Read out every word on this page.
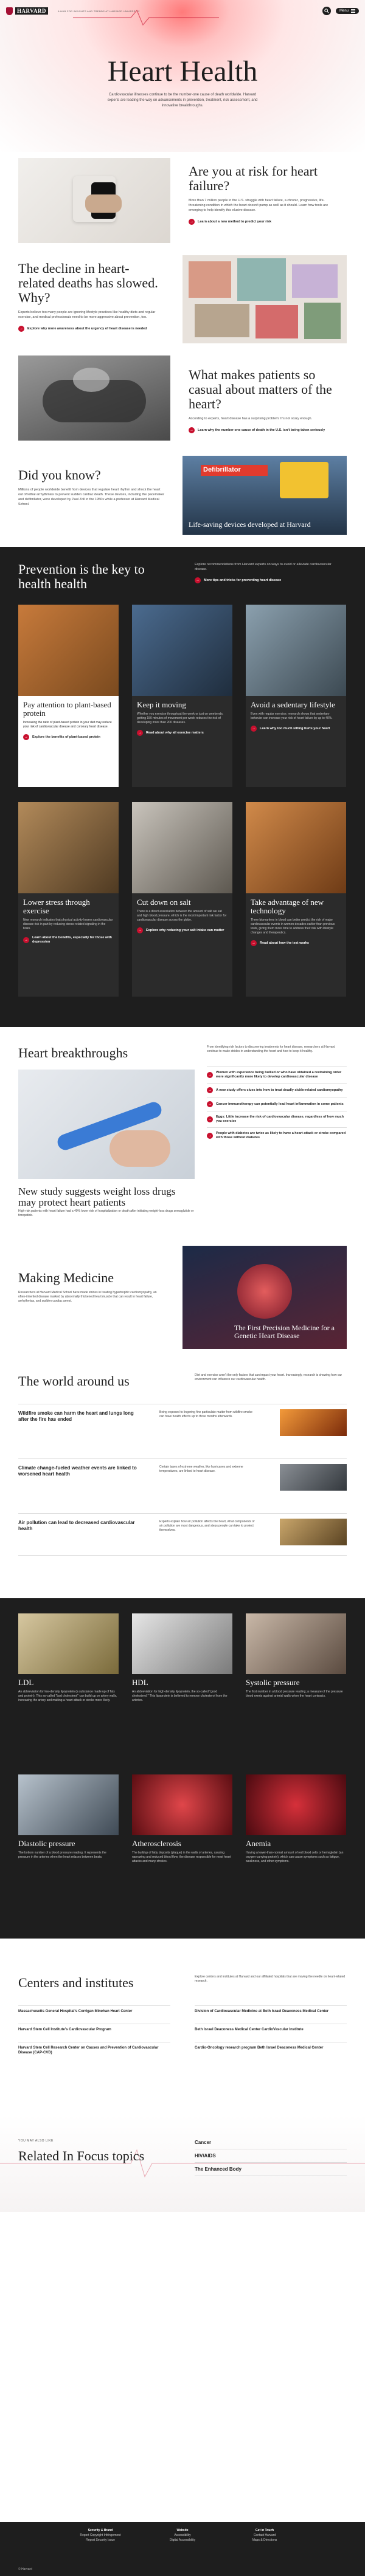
HARVARD	A HUB FOR INSIGHTS AND TRENDS AT HARVARD UNIVERSITY	Menu
Heart Health

Cardiovascular illnesses continue to be the number-one cause of death worldwide. Harvard experts are leading the way on advancements in prevention, treatment, risk assessment, and innovative breakthroughs.

Are you at risk for heart failure?

More than 7 million people in the U.S. struggle with heart failure, a chronic, progressive, life-threatening condition in which the heart doesn't pump as well as it should. Learn how tools are emerging to help identify this elusive disease.

→	Learn about a new method to predict your risk
The decline in heart-related deaths has slowed. Why?

Experts believe too many people are ignoring lifestyle practices like healthy diets and regular exercise, and medical professionals need to be more aggressive about prevention, too.

→	Explore why more awareness about the urgency of heart disease is needed
What makes patients so casual about matters of the heart?

According to experts, heart disease has a surprising problem: It's not scary enough.

→	Learn why the number-one cause of death in the U.S. isn't being taken seriously
Did you know?

Millions of people worldwide benefit from devices that regulate heart rhythm and shock the heart out of lethal arrhythmias to prevent sudden cardiac death. These devices, including the pacemaker and defibrillator, were developed by Paul Zoll in the 1950s while a professor at Harvard Medical School.

Defibrillator
Life-saving devices developed at Harvard
Prevention is the key to health health

Explore recommendations from Harvard experts on ways to avoid or alleviate cardiovascular disease.

→	More tips and tricks for preventing heart disease
Pay attention to plant-based protein

Increasing the ratio of plant-based protein in your diet may reduce your risk of cardiovascular disease and coronary heart disease.

→	Explore the benefits of plant-based protein
Keep it moving

Whether you exercise throughout the week or just on weekends, getting 150 minutes of movement per week reduces the risk of developing more than 200 diseases.

→	Read about why all exercise matters
Avoid a sedentary lifestyle

Even with regular exercise, research shows that sedentary behavior can increase your risk of heart failure by up to 40%.

→	Learn why too much sitting hurts your heart
Lower stress through exercise

New research indicates that physical activity lowers cardiovascular disease risk in part by reducing stress-related signaling in the brain.

→
Learn about the benefits, especially for those with depression
Cut down on salt

There is a direct association between the amount of salt we eat and high blood pressure, which is the most important risk factor for cardiovascular disease across the globe.

→	Explore why reducing your salt intake can matter
Take advantage of new technology

Three biomarkers in blood can better predict the risk of major cardiovascular events in women decades earlier than previous tools, giving them more time to address their risk with lifestyle changes and therapeutics.

→	Read about how the test works
Heart breakthroughs	From identifying risk factors to discovering treatments for heart disease, researchers at Harvard continue to make strides in understanding the heart and how to keep it healthy.

New study suggests weight loss drugs may protect heart patients

High-risk patients with heart failure had a 40% lower risk of hospitalization or death after initiating weight-loss drugs semaglutide or tirzepatide.

→
Women with experience being bullied or who have obtained a restraining order were significantly more likely to develop cardiovascular disease
→	A new study offers clues into how to treat deadly sickle-related cardiomyopathy
→	Cancer immunotherapy can potentially lead heart inflammation in some patients
→
Eggs: Little increase the risk of cardiovascular disease, regardless of how much you exercise
→
People with diabetes are twice as likely to have a heart attack or stroke compared with those without diabetes
Making Medicine

Researchers at Harvard Medical School have made strides in treating hypertrophic cardiomyopathy, an often-inherited disease marked by abnormally thickened heart muscle that can result in heart failure, arrhythmias, and sudden cardiac arrest.

The First Precision Medicine for a Genetic Heart Disease
The world around us	Diet and exercise aren't the only factors that can impact your heart. Increasingly, research is showing how our environment can influence our cardiovascular health.

Wildfire smoke can harm the heart and lungs long after the fire has ended
Being exposed to lingering fine particulate matter from wildfire smoke can have health effects up to three months afterwards.
Climate change-fueled weather events are linked to worsened heart health
Certain types of extreme weather, like hurricanes and extreme temperatures, are linked to heart disease.
Air pollution can lead to decreased cardiovascular health
Experts explain how air pollution affects the heart, what components of air pollution are most dangerous, and steps people can take to protect themselves.
LDL

An abbreviation for low-density lipoprotein (a substance made up of fats and protein). This so-called "bad cholesterol" can build up on artery walls, increasing the artery and making a heart attack or stroke more likely.

HDL

An abbreviation for high-density lipoprotein, the so-called "good cholesterol." This lipoprotein is believed to remove cholesterol from the arteries.

Systolic pressure

The first number in a blood pressure reading; a measure of the pressure blood exerts against arterial walls when the heart contracts.

Diastolic pressure

The bottom number of a blood pressure reading. It represents the pressure in the arteries when the heart relaxes between beats.

Atherosclerosis

The buildup of fatty deposits (plaque) in the walls of arteries, causing narrowing and reduced blood flow; the disease responsible for most heart attacks and many strokes.

Anemia

Having a lower-than-normal amount of red blood cells or hemoglobin (an oxygen-carrying protein), which can cause symptoms such as fatigue, weakness, and other symptoms.

Centers and institutes	Explore centers and institutes at Harvard and our affiliated hospitals that are moving the needle on heart-related research.

Massachusetts General Hospital's Corrigan Minehan Heart Center
Harvard Stem Cell Institute's Cardiovascular Program
Harvard Stem Cell Research Center on Causes and Prevention of Cardiovascular Disease (CAP-CVD)
Division of Cardiovascular Medicine at Beth Israel Deaconess Medical Center
Beth Israel Deaconess Medical Center CardioVascular Institute
Cardio-Oncology research program Beth Israel Deaconess Medical Center
YOU MAY ALSO LIKE
Related In Focus topics
Cancer
HIV/AIDS
The Enhanced Body
Security & Brand
Report Copyright Infringement
Report Security Issue
Website
Accessibility
Digital Accessibility
Get in Touch
Contact Harvard
Maps & Directions
© Harvard
